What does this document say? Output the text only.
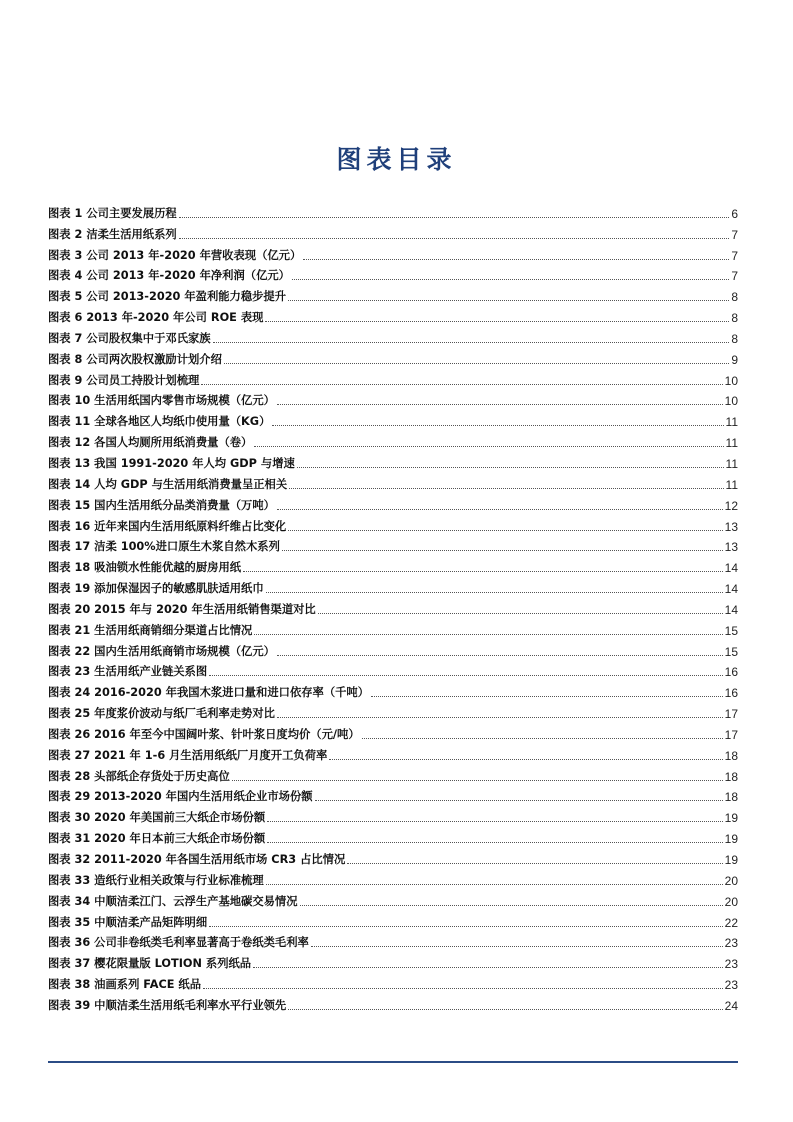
图表目录
图表 1 公司主要发展历程	6
图表 2 洁柔生活用纸系列	7
图表 3 公司 2013 年-2020 年营收表现（亿元）	7
图表 4 公司 2013 年-2020 年净利润（亿元）	7
图表 5 公司 2013-2020 年盈利能力稳步提升	8
图表 6 2013 年-2020 年公司 ROE 表现	8
图表 7 公司股权集中于邓氏家族	8
图表 8 公司两次股权激励计划介绍	9
图表 9 公司员工持股计划梳理	10
图表 10 生活用纸国内零售市场规模（亿元）	10
图表 11 全球各地区人均纸巾使用量（KG）	11
图表 12 各国人均厕所用纸消费量（卷）	11
图表 13 我国 1991-2020 年人均 GDP 与增速	11
图表 14 人均 GDP 与生活用纸消费量呈正相关	11
图表 15 国内生活用纸分品类消费量（万吨）	12
图表 16 近年来国内生活用纸原料纤维占比变化	13
图表 17 洁柔 100%进口原生木浆自然木系列	13
图表 18 吸油锁水性能优越的厨房用纸	14
图表 19 添加保湿因子的敏感肌肤适用纸巾	14
图表 20 2015 年与 2020 年生活用纸销售渠道对比	14
图表 21 生活用纸商销细分渠道占比情况	15
图表 22 国内生活用纸商销市场规模（亿元）	15
图表 23 生活用纸产业链关系图	16
图表 24 2016-2020 年我国木浆进口量和进口依存率（千吨）	16
图表 25 年度浆价波动与纸厂毛利率走势对比	17
图表 26 2016 年至今中国阔叶浆、针叶浆日度均价（元/吨）	17
图表 27 2021 年 1-6 月生活用纸纸厂月度开工负荷率	18
图表 28 头部纸企存货处于历史高位	18
图表 29 2013-2020 年国内生活用纸企业市场份额	18
图表 30 2020 年美国前三大纸企市场份额	19
图表 31 2020 年日本前三大纸企市场份额	19
图表 32 2011-2020 年各国生活用纸市场 CR3 占比情况	19
图表 33 造纸行业相关政策与行业标准梳理	20
图表 34 中顺洁柔江门、云浮生产基地碳交易情况	20
图表 35 中顺洁柔产品矩阵明细	22
图表 36 公司非卷纸类毛利率显著高于卷纸类毛利率	23
图表 37 樱花限量版 LOTION 系列纸品	23
图表 38 油画系列 FACE 纸品	23
图表 39 中顺洁柔生活用纸毛利率水平行业领先	24
